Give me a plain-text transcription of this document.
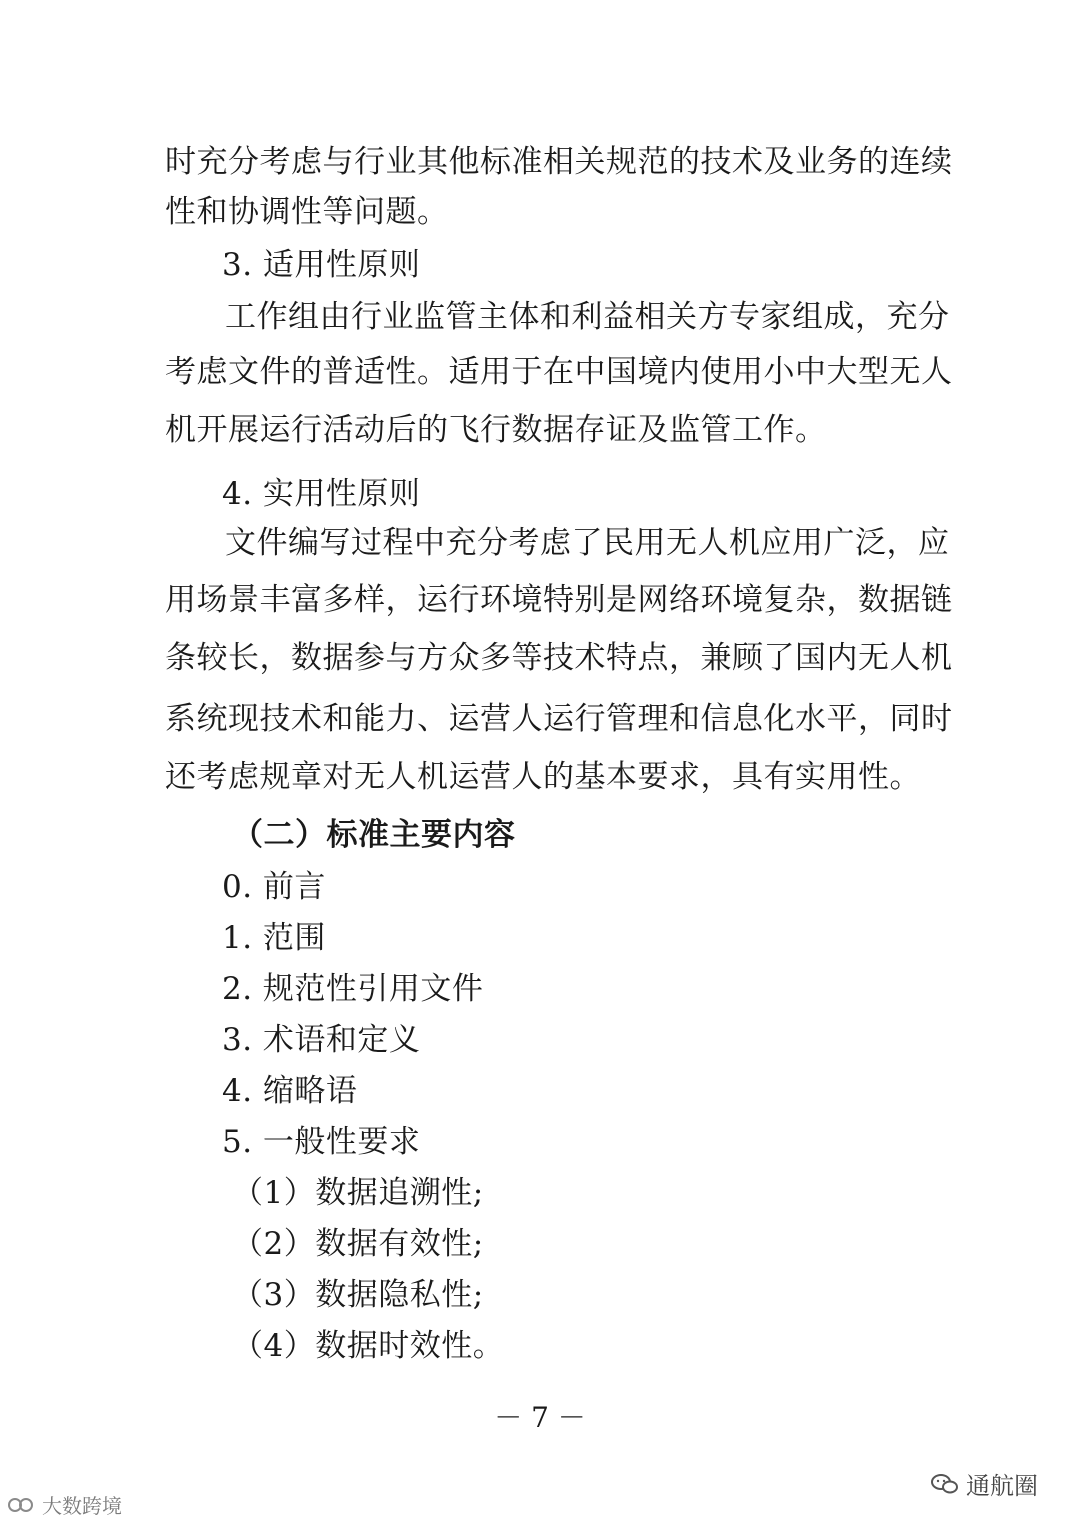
时充分考虑与行业其他标准相关规范的技术及业务的连续
性和协调性等问题。
3. 适用性原则
工作组由行业监管主体和利益相关方专家组成，充分
考虑文件的普适性。适用于在中国境内使用小中大型无人
机开展运行活动后的飞行数据存证及监管工作。
4. 实用性原则
文件编写过程中充分考虑了民用无人机应用广泛，应
用场景丰富多样，运行环境特别是网络环境复杂，数据链
条较长，数据参与方众多等技术特点，兼顾了国内无人机
系统现技术和能力、运营人运行管理和信息化水平，同时
还考虑规章对无人机运营人的基本要求，具有实用性。
（二）标准主要内容
0. 前言
1. 范围
2. 规范性引用文件
3. 术语和定义
4. 缩略语
5. 一般性要求
（1）数据追溯性;
（2）数据有效性;
（3）数据隐私性;
（4）数据时效性。
－ 7 －
大数跨境
通航圈
